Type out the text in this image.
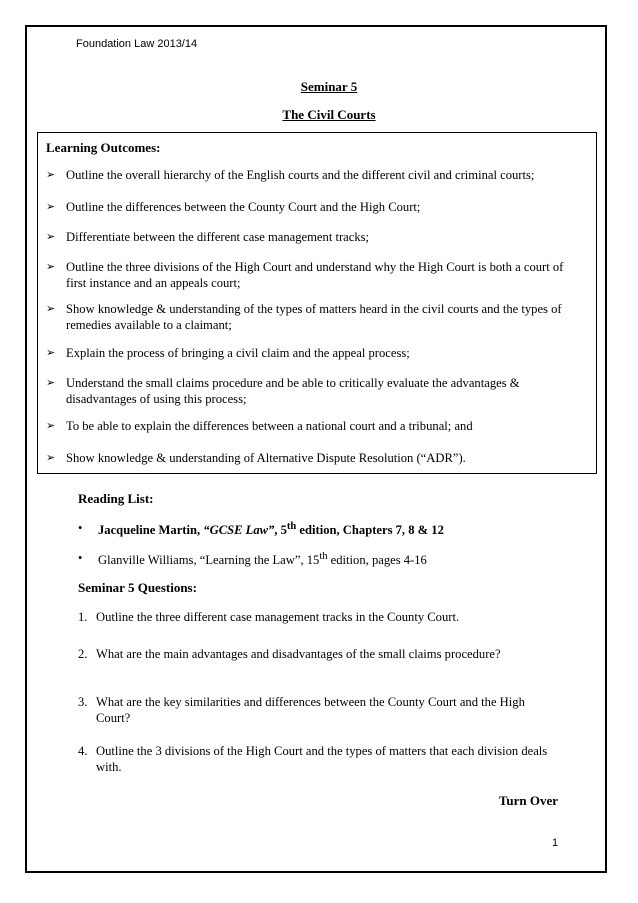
Foundation Law 2013/14
Seminar 5
The Civil Courts
Learning Outcomes:
➢ Outline the overall hierarchy of the English courts and the different civil and criminal courts;
➢ Outline the differences between the County Court and the High Court;
➢ Differentiate between the different case management tracks;
➢ Outline the three divisions of the High Court and understand why the High Court is both a court of first instance and an appeals court;
➢ Show knowledge & understanding of the types of matters heard in the civil courts and the types of remedies available to a claimant;
➢ Explain the process of bringing a civil claim and the appeal process;
➢ Understand the small claims procedure and be able to critically evaluate the advantages & disadvantages of using this process;
➢ To be able to explain the differences between a national court and a tribunal; and
➢ Show knowledge & understanding of Alternative Dispute Resolution (“ADR”).
Reading List:
• Jacqueline Martin, “GCSE Law”, 5th edition, Chapters 7, 8 & 12
• Glanville Williams, “Learning the Law”, 15th edition, pages 4-16
Seminar 5 Questions:
1. Outline the three different case management tracks in the County Court.
2. What are the main advantages and disadvantages of the small claims procedure?
3. What are the key similarities and differences between the County Court and the High Court?
4. Outline the 3 divisions of the High Court and the types of matters that each division deals with.
Turn Over
1
